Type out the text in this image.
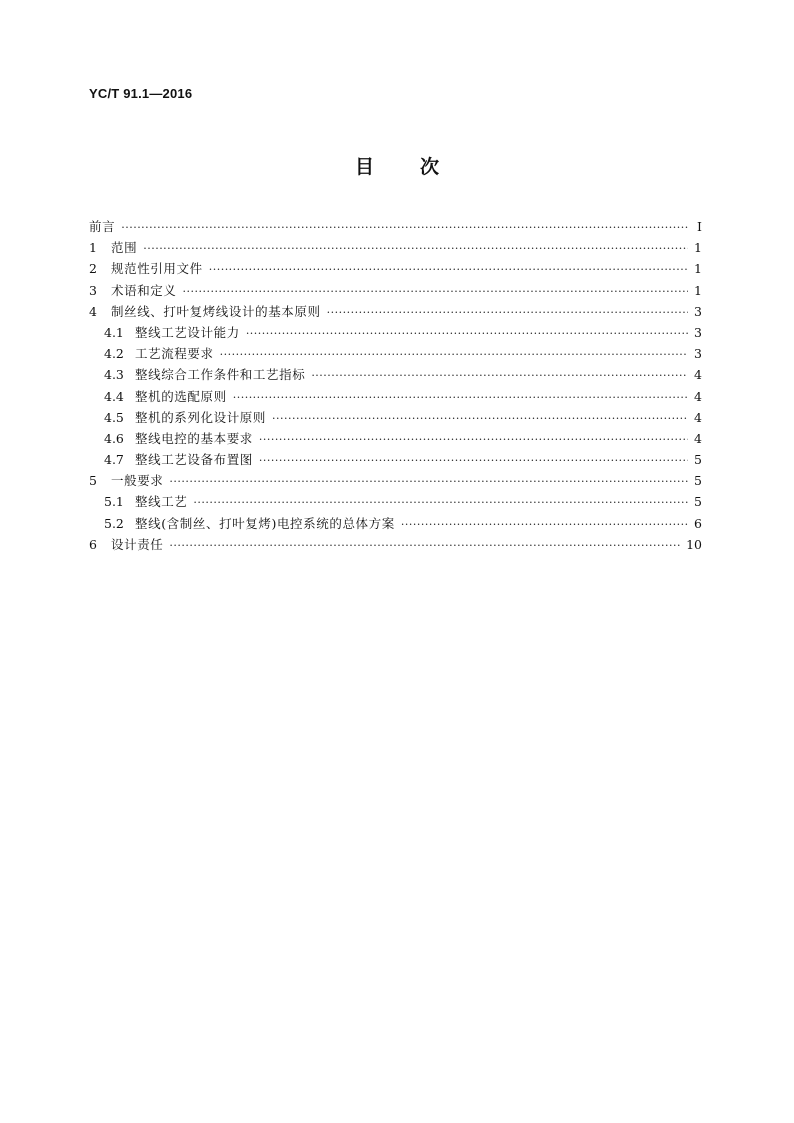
YC/T 91.1—2016
目 次
前言 ·····	Ⅰ
1	范围 ·····	1
2	规范性引用文件 ·····	1
3	术语和定义 ·····	1
4	制丝线、打叶复烤线设计的基本原则 ·····	3
4.1 整线工艺设计能力 ·····	3
4.2 工艺流程要求 ·····	3
4.3 整线综合工作条件和工艺指标 ·····	4
4.4 整机的选配原则 ·····	4
4.5 整机的系列化设计原则 ·····	4
4.6 整线电控的基本要求 ·····	4
4.7 整线工艺设备布置图 ·····	5
5	一般要求 ·····	5
5.1 整线工艺 ·····	5
5.2 整线(含制丝、打叶复烤)电控系统的总体方案 ·····	6
6	设计责任 ·····	10
